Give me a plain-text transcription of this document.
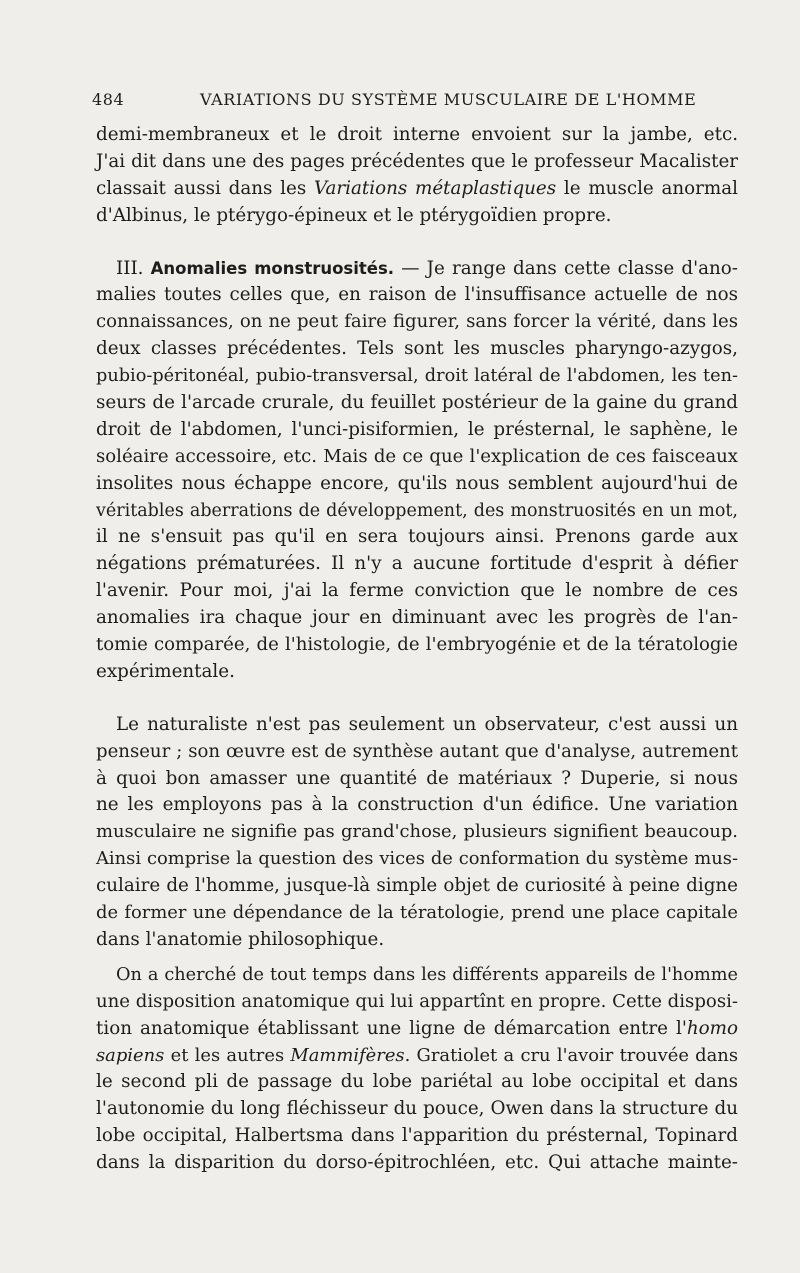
484	VARIATIONS DU SYSTÈME MUSCULAIRE DE L'HOMME
demi-membraneux et le droit interne envoient sur la jambe, etc.
J'ai dit dans une des pages précédentes que le professeur Macalister
classait aussi dans les Variations métaplastiques le muscle anormal
d'Albinus, le ptérygo-épineux et le ptérygoïdien propre.
III. Anomalies monstruosités. — Je range dans cette classe d'ano-
malies toutes celles que, en raison de l'insuffisance actuelle de nos
connaissances, on ne peut faire figurer, sans forcer la vérité, dans les
deux classes précédentes. Tels sont les muscles pharyngo-azygos,
pubio-péritonéal, pubio-transversal, droit latéral de l'abdomen, les ten-
seurs de l'arcade crurale, du feuillet postérieur de la gaine du grand
droit de l'abdomen, l'unci-pisiformien, le présternal, le saphène, le
soléaire accessoire, etc. Mais de ce que l'explication de ces faisceaux
insolites nous échappe encore, qu'ils nous semblent aujourd'hui de
véritables aberrations de développement, des monstruosités en un mot,
il ne s'ensuit pas qu'il en sera toujours ainsi. Prenons garde aux
négations prématurées. Il n'y a aucune fortitude d'esprit à défier
l'avenir. Pour moi, j'ai la ferme conviction que le nombre de ces
anomalies ira chaque jour en diminuant avec les progrès de l'an-
tomie comparée, de l'histologie, de l'embryogénie et de la tératologie
expérimentale.
Le naturaliste n'est pas seulement un observateur, c'est aussi un
penseur ; son œuvre est de synthèse autant que d'analyse, autrement
à quoi bon amasser une quantité de matériaux ? Duperie, si nous
ne les employons pas à la construction d'un édifice. Une variation
musculaire ne signifie pas grand'chose, plusieurs signifient beaucoup.
Ainsi comprise la question des vices de conformation du système mus-
culaire de l'homme, jusque-là simple objet de curiosité à peine digne
de former une dépendance de la tératologie, prend une place capitale
dans l'anatomie philosophique.
On a cherché de tout temps dans les différents appareils de l'homme
une disposition anatomique qui lui appartînt en propre. Cette disposi-
tion anatomique établissant une ligne de démarcation entre l'homo
sapiens et les autres Mammifères. Gratiolet a cru l'avoir trouvée dans
le second pli de passage du lobe pariétal au lobe occipital et dans
l'autonomie du long fléchisseur du pouce, Owen dans la structure du
lobe occipital, Halbertsma dans l'apparition du présternal, Topinard
dans la disparition du dorso-épitrochléen, etc. Qui attache mainte-
